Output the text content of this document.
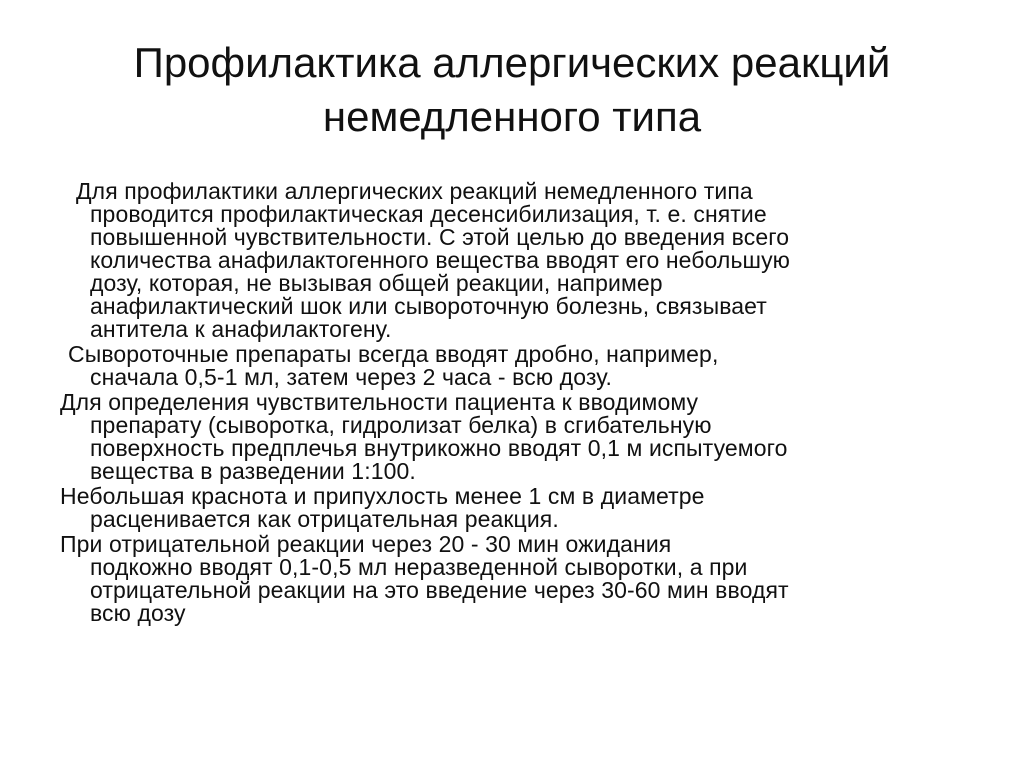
Профилактика аллергических реакций
немедленного типа

Для профилактики аллергических реакций немедленного типа
проводится профилактическая десенсибилизация, т. е. снятие
повышенной чувствительности. С этой целью до введения всего
количества анафилактогенного вещества вводят его небольшую
дозу, которая, не вызывая общей реакции, например
анафилактический шок или сывороточную болезнь, связывает
антитела к анафилактогену.

Сывороточные препараты всегда вводят дробно, например,
сначала 0,5-1 мл, затем через 2 часа - всю дозу.

Для определения чувствительности пациента к вводимому
препарату (сыворотка, гидролизат белка) в сгибательную
поверхность предплечья внутрикожно вводят 0,1 м испытуемого
вещества в разведении 1:100.

Небольшая краснота и припухлость менее 1 см в диаметре
расценивается как отрицательная реакция.

При отрицательной реакции через 20 - 30 мин ожидания
подкожно вводят 0,1-0,5 мл неразведенной сыворотки, а при
отрицательной реакции на это введение через 30-60 мин вводят
всю дозу
